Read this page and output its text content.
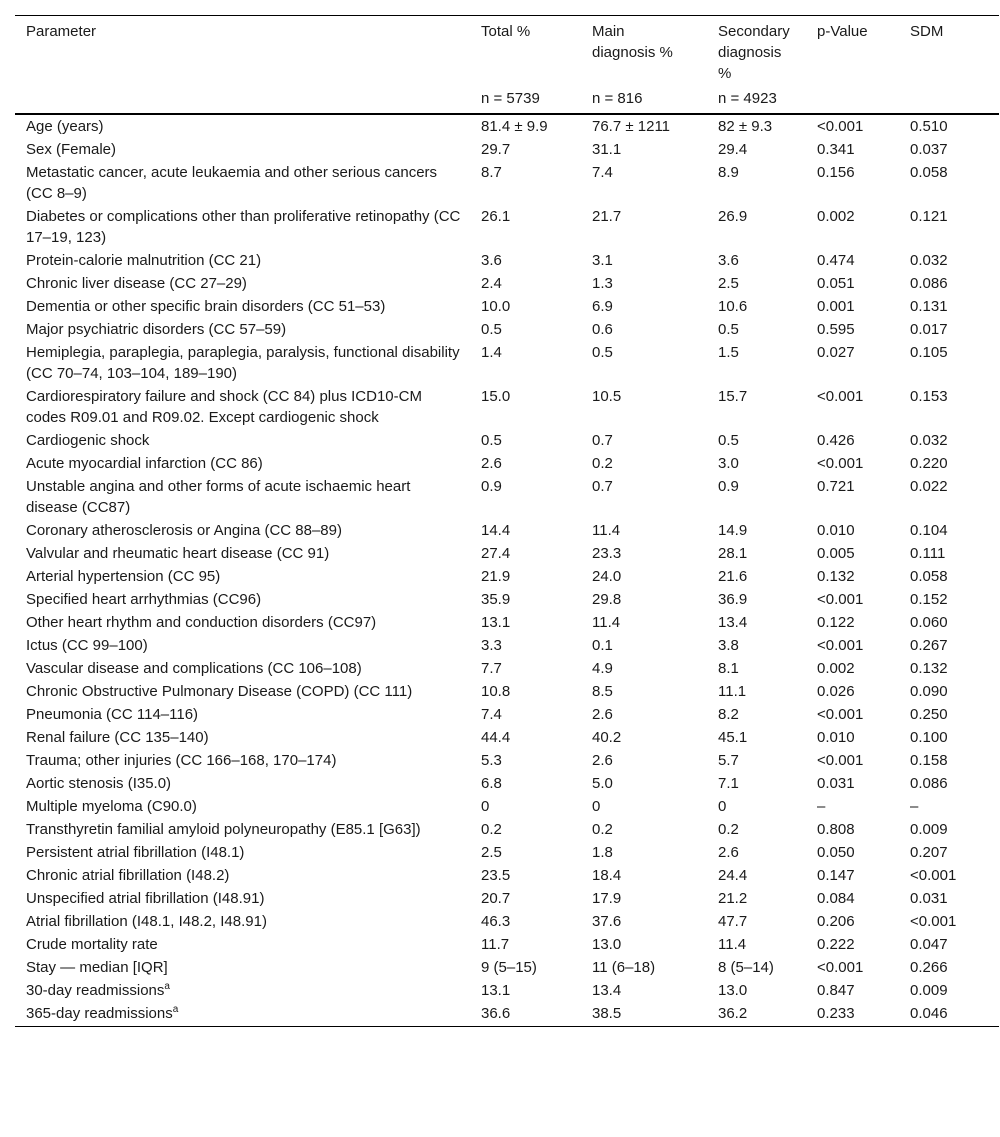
Parameter	Total %	Main diagnosis %	Secondary diagnosis %	p-Value	SDM
	n = 5739	n = 816	n = 4923		
Age (years)	81.4 ± 9.9	76.7 ± 1211	82 ± 9.3	<0.001	0.510
Sex (Female)	29.7	31.1	29.4	0.341	0.037
Metastatic cancer, acute leukaemia and other serious cancers (CC 8–9)	8.7	7.4	8.9	0.156	0.058
Diabetes or complications other than proliferative retinopathy (CC 17–19, 123)	26.1	21.7	26.9	0.002	0.121
Protein-calorie malnutrition (CC 21)	3.6	3.1	3.6	0.474	0.032
Chronic liver disease (CC 27–29)	2.4	1.3	2.5	0.051	0.086
Dementia or other specific brain disorders (CC 51–53)	10.0	6.9	10.6	0.001	0.131
Major psychiatric disorders (CC 57–59)	0.5	0.6	0.5	0.595	0.017
Hemiplegia, paraplegia, paraplegia, paralysis, functional disability (CC 70–74, 103–104, 189–190)	1.4	0.5	1.5	0.027	0.105
Cardiorespiratory failure and shock (CC 84) plus ICD10-CM codes R09.01 and R09.02. Except cardiogenic shock	15.0	10.5	15.7	<0.001	0.153
Cardiogenic shock	0.5	0.7	0.5	0.426	0.032
Acute myocardial infarction (CC 86)	2.6	0.2	3.0	<0.001	0.220
Unstable angina and other forms of acute ischaemic heart disease (CC87)	0.9	0.7	0.9	0.721	0.022
Coronary atherosclerosis or Angina (CC 88–89)	14.4	11.4	14.9	0.010	0.104
Valvular and rheumatic heart disease (CC 91)	27.4	23.3	28.1	0.005	0.111
Arterial hypertension (CC 95)	21.9	24.0	21.6	0.132	0.058
Specified heart arrhythmias (CC96)	35.9	29.8	36.9	<0.001	0.152
Other heart rhythm and conduction disorders (CC97)	13.1	11.4	13.4	0.122	0.060
Ictus (CC 99–100)	3.3	0.1	3.8	<0.001	0.267
Vascular disease and complications (CC 106–108)	7.7	4.9	8.1	0.002	0.132
Chronic Obstructive Pulmonary Disease (COPD) (CC 111)	10.8	8.5	11.1	0.026	0.090
Pneumonia (CC 114–116)	7.4	2.6	8.2	<0.001	0.250
Renal failure (CC 135–140)	44.4	40.2	45.1	0.010	0.100
Trauma; other injuries (CC 166–168, 170–174)	5.3	2.6	5.7	<0.001	0.158
Aortic stenosis (I35.0)	6.8	5.0	7.1	0.031	0.086
Multiple myeloma (C90.0)	0	0	0	–	–
Transthyretin familial amyloid polyneuropathy (E85.1 [G63])	0.2	0.2	0.2	0.808	0.009
Persistent atrial fibrillation (I48.1)	2.5	1.8	2.6	0.050	0.207
Chronic atrial fibrillation (I48.2)	23.5	18.4	24.4	0.147	<0.001
Unspecified atrial fibrillation (I48.91)	20.7	17.9	21.2	0.084	0.031
Atrial fibrillation (I48.1, I48.2, I48.91)	46.3	37.6	47.7	0.206	<0.001
Crude mortality rate	11.7	13.0	11.4	0.222	0.047
Stay — median [IQR]	9 (5–15)	11 (6–18)	8 (5–14)	<0.001	0.266
30-day readmissions$^a$	13.1	13.4	13.0	0.847	0.009
365-day readmissions$^a$	36.6	38.5	36.2	0.233	0.046
